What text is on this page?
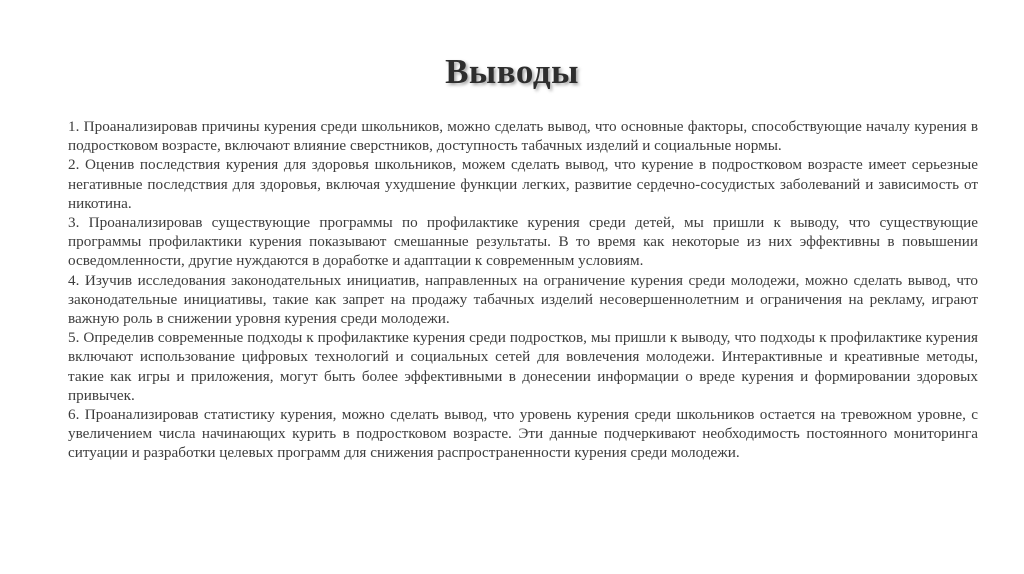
Выводы

1. Проанализировав причины курения среди школьников, можно сделать вывод, что основные факторы, способствующие началу курения в подростковом возрасте, включают влияние сверстников, доступность табачных изделий и социальные нормы.

2. Оценив последствия курения для здоровья школьников, можем сделать вывод, что курение в подростковом возрасте имеет серьезные негативные последствия для здоровья, включая ухудшение функции легких, развитие сердечно-сосудистых заболеваний и зависимость от никотина.

3. Проанализировав существующие программы по профилактике курения среди детей, мы пришли к выводу, что существующие программы профилактики курения показывают смешанные результаты. В то время как некоторые из них эффективны в повышении осведомленности, другие нуждаются в доработке и адаптации к современным условиям.

4. Изучив исследования законодательных инициатив, направленных на ограничение курения среди молодежи, можно сделать вывод, что законодательные инициативы, такие как запрет на продажу табачных изделий несовершеннолетним и ограничения на рекламу, играют важную роль в снижении уровня курения среди молодежи.

5. Определив современные подходы к профилактике курения среди подростков, мы пришли к выводу, что подходы к профилактике курения включают использование цифровых технологий и социальных сетей для вовлечения молодежи. Интерактивные и креативные методы, такие как игры и приложения, могут быть более эффективными в донесении информации о вреде курения и формировании здоровых привычек.

6. Проанализировав статистику курения, можно сделать вывод, что уровень курения среди школьников остается на тревожном уровне, с увеличением числа начинающих курить в подростковом возрасте. Эти данные подчеркивают необходимость постоянного мониторинга ситуации и разработки целевых программ для снижения распространенности курения среди молодежи.
